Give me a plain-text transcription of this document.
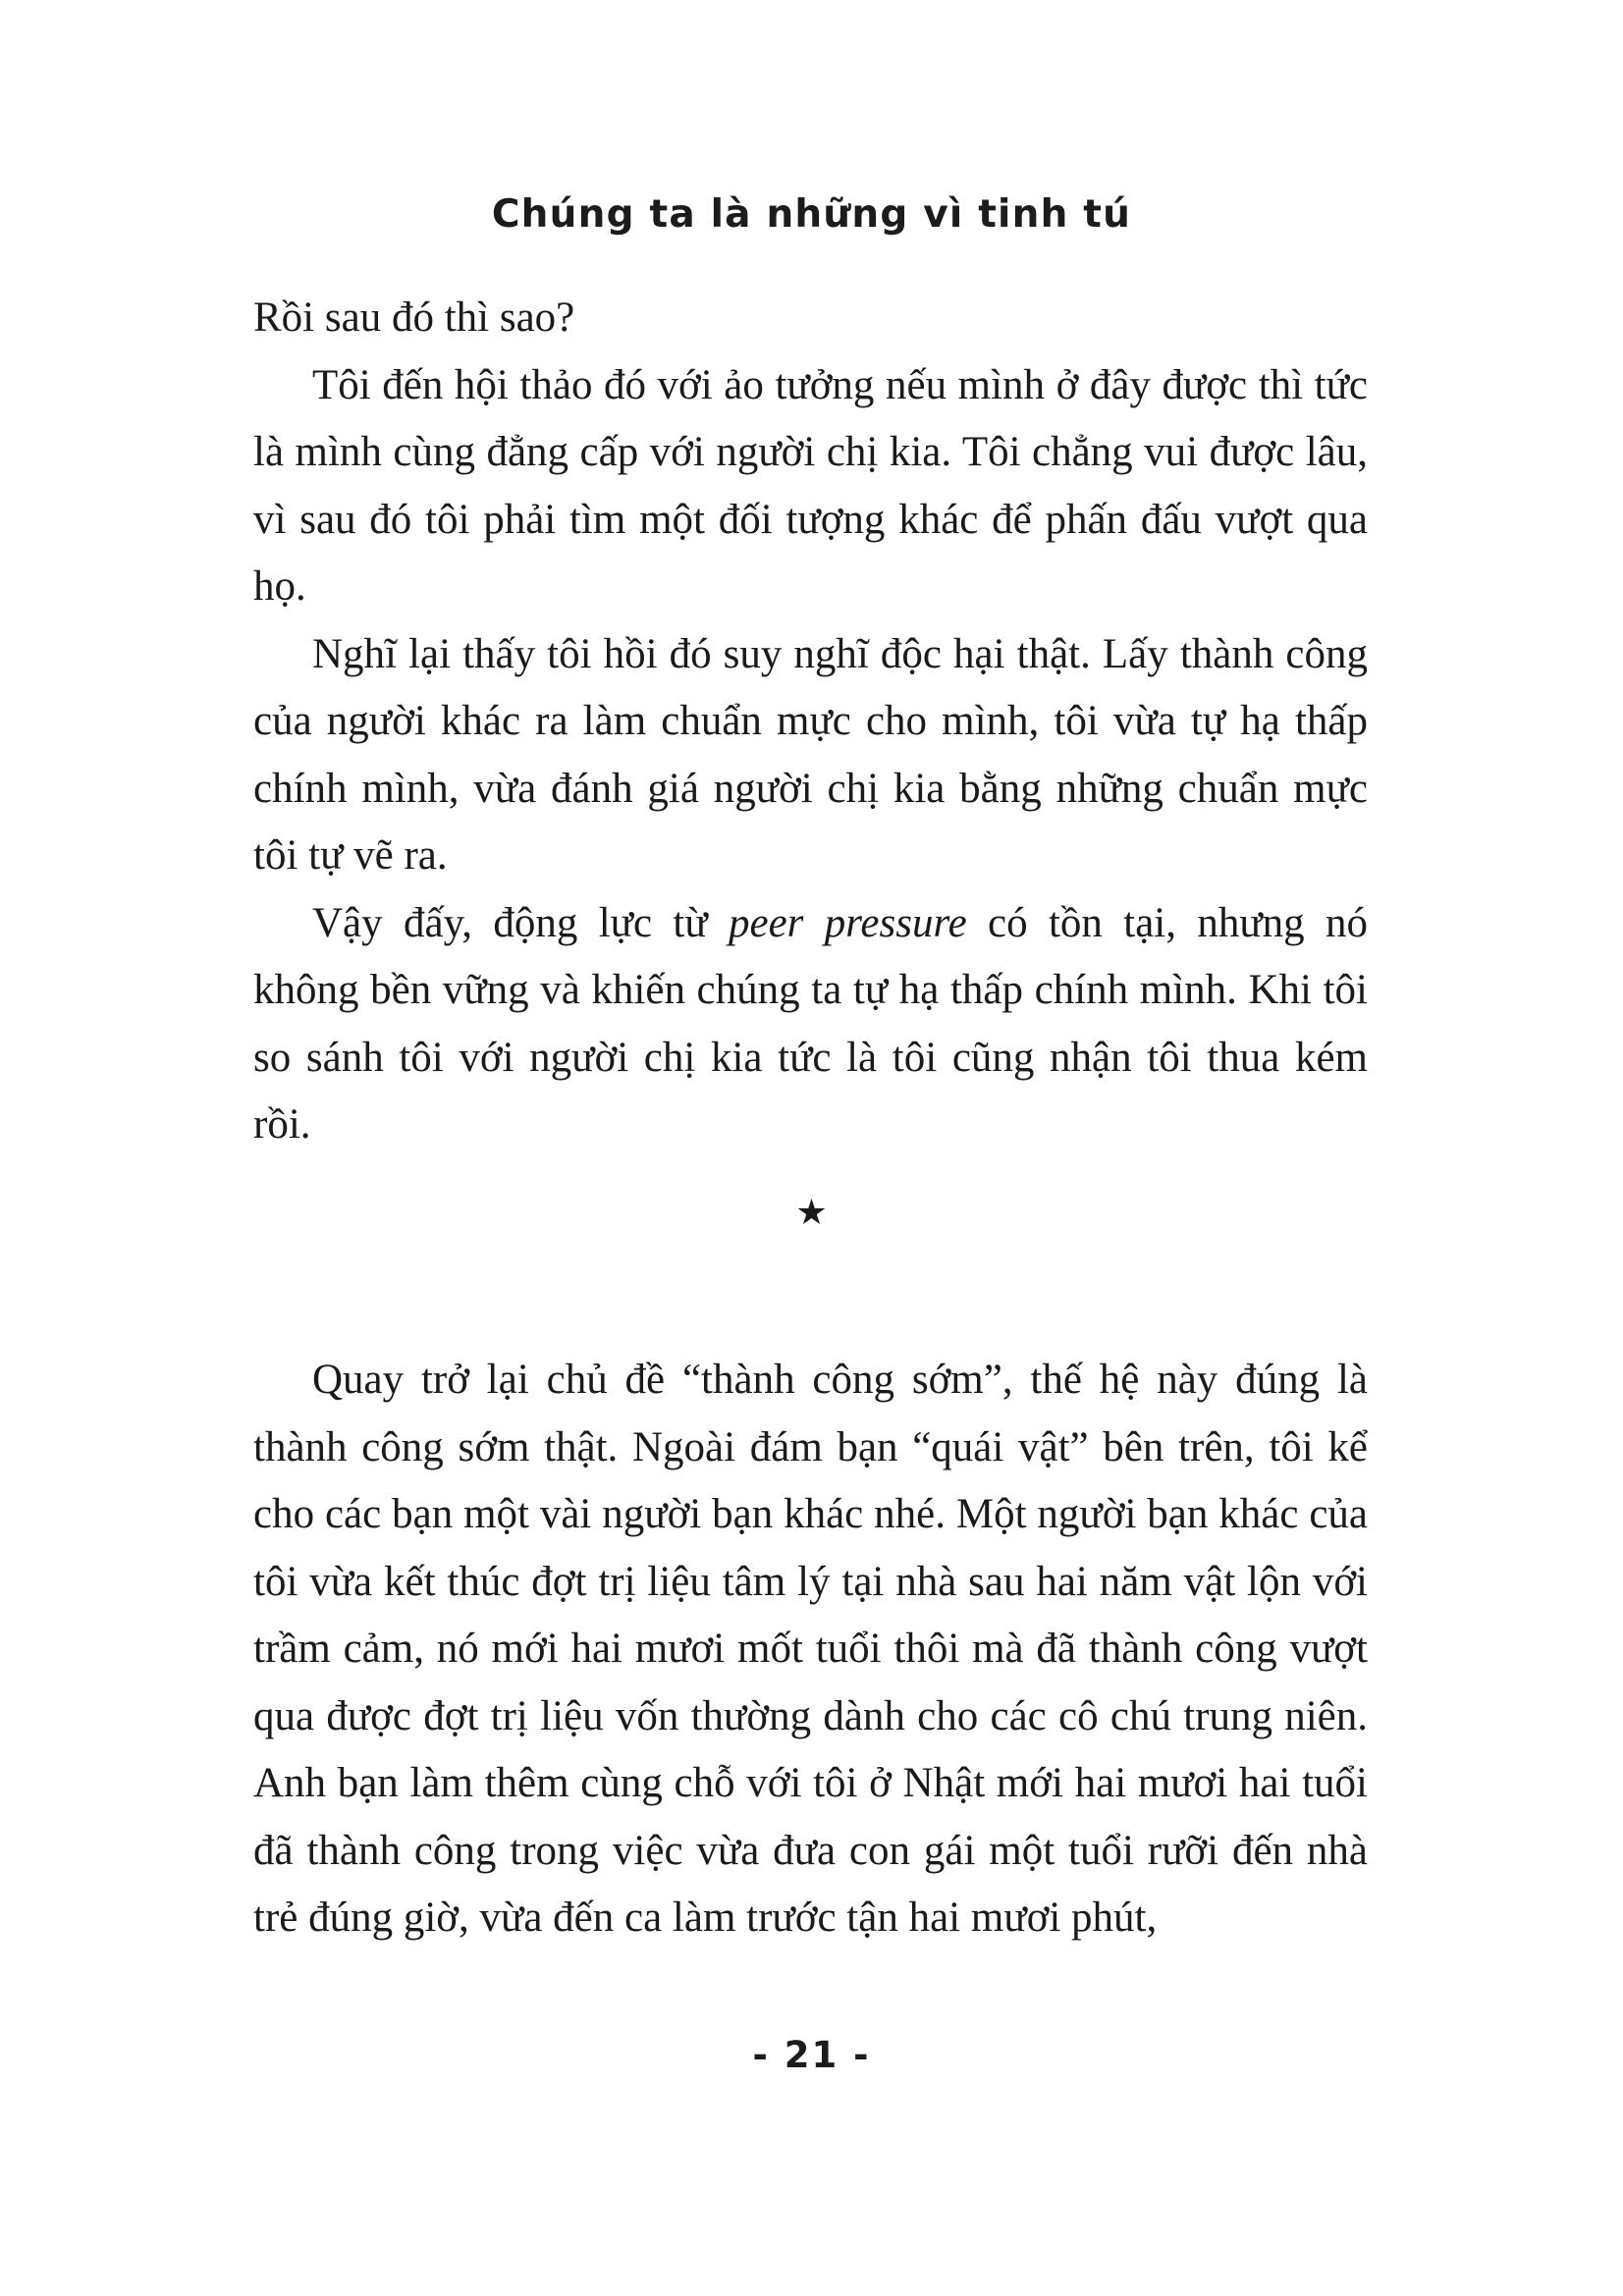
Chúng ta là những vì tinh tú

Rồi sau đó thì sao?

Tôi đến hội thảo đó với ảo tưởng nếu mình ở đây được thì tức là mình cùng đẳng cấp với người chị kia. Tôi chẳng vui được lâu, vì sau đó tôi phải tìm một đối tượng khác để phấn đấu vượt qua họ.

Nghĩ lại thấy tôi hồi đó suy nghĩ độc hại thật. Lấy thành công của người khác ra làm chuẩn mực cho mình, tôi vừa tự hạ thấp chính mình, vừa đánh giá người chị kia bằng những chuẩn mực tôi tự vẽ ra.

Vậy đấy, động lực từ peer pressure có tồn tại, nhưng nó không bền vững và khiến chúng ta tự hạ thấp chính mình. Khi tôi so sánh tôi với người chị kia tức là tôi cũng nhận tôi thua kém rồi.

★

Quay trở lại chủ đề “thành công sớm”, thế hệ này đúng là thành công sớm thật. Ngoài đám bạn “quái vật” bên trên, tôi kể cho các bạn một vài người bạn khác nhé. Một người bạn khác của tôi vừa kết thúc đợt trị liệu tâm lý tại nhà sau hai năm vật lộn với trầm cảm, nó mới hai mươi mốt tuổi thôi mà đã thành công vượt qua được đợt trị liệu vốn thường dành cho các cô chú trung niên. Anh bạn làm thêm cùng chỗ với tôi ở Nhật mới hai mươi hai tuổi đã thành công trong việc vừa đưa con gái một tuổi rưỡi đến nhà trẻ đúng giờ, vừa đến ca làm trước tận hai mươi phút,

- 21 -
